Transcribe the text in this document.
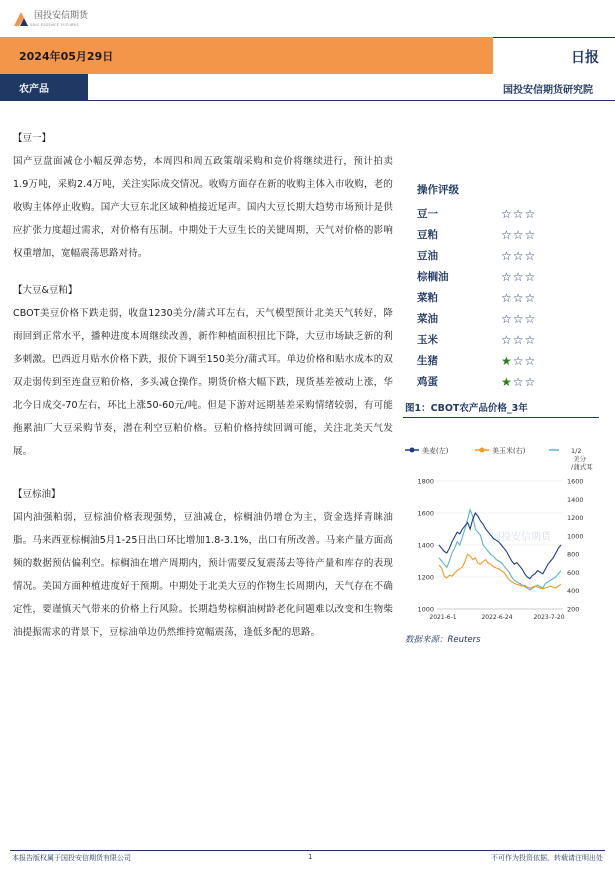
国投安信期货
SDIC ESSENCE FUTURES
2024年05月29日	日报
农产品	国投安信期货研究院
【豆一】
国产豆盘面减仓小幅反弹态势，本周四和周五政策端采购和竞价将继续进行，预计拍卖1.9万吨，采购2.4万吨，关注实际成交情况。收购方面存在新的收购主体入市收购，老的收购主体停止收购。国产大豆东北区域种植接近尾声。国内大豆长期大趋势市场预计是供应扩张力度超过需求，对价格有压制。中期处于大豆生长的关键周期，天气对价格的影响权重增加，宽幅震荡思路对待。
【大豆&豆粕】
CBOT美豆价格下跌走弱，收盘1230美分/蒲式耳左右，天气模型预计北美天气转好，降雨回到正常水平，播种进度本周继续改善，新作种植面积扭比下降，大豆市场缺乏新的利多刺激。巴西近月贴水价格下跌，报价下调至150美分/蒲式耳。单边价格和贴水成本的双双走弱传到至连盘豆粕价格，多头减仓操作。期货价格大幅下跌，现货基差被动上涨，华北今日成交-70左右，环比上涨50-60元/吨。但是下游对远期基差采购情绪较弱，有可能拖累油厂大豆采购节奏，潜在利空豆粕价格。豆粕价格持续回调可能，关注北美天气发展。
【豆棕油】
国内油强粕弱，豆棕油价格表现强势，豆油减仓，棕榈油仍增仓为主，资金选择青睐油脂。马来西亚棕榈油5月1-25日出口环比增加1.8-3.1%，出口有所改善。马来产量方面高频的数据预估偏利空。棕榈油在增产周期内，预计需要反复震荡去等待产量和库存的表现情况。美国方面种植进度好于预期。中期处于北美大豆的作物生长周期内，天气存在不确定性，要谨慎天气带来的价格上行风险。长期趋势棕榈油树龄老化问题难以改变和生物柴油提振需求的背景下，豆棕油单边仍然维持宽幅震荡，逢低多配的思路。
操作评级
豆一	☆ ☆ ☆
豆粕	☆ ☆ ☆
豆油	☆ ☆ ☆
棕榈油	☆ ☆ ☆
菜粕	☆ ☆ ☆
菜油	☆ ☆ ☆
玉米	☆ ☆ ☆
生猪	★ ☆ ☆
鸡蛋	★ ☆ ☆
图1：CBOT农产品价格_3年
美麦(左)	美玉米(右)	1/2
美分
/蒲式耳
1000
1200
1400
1600
1800
200
400
600
800
1000
1200
1400
1600
2021-6-1	2022-6-24	2023-7-20
国投安信期货
数据来源：Reuters
本报告版权属于国投安信期货有限公司	1	不可作为投资依据，转载请注明出处
